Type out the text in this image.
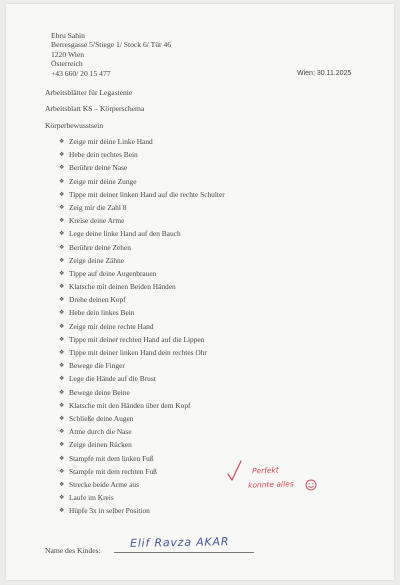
Ebru Sahin
Berresgasse 5/Stiege 1/ Stock 6/ Tür 46
1220 Wien
Österreich
+43 660/ 20 15 477	Wien; 30.11.2025
Arbeitsblätter für Legastenie
Arbeitsblatt KS – Körperschema
Körperbewusstsein
❖ Zeige mir deine Linke Hand
❖ Hebe dein rechtes Bein
❖ Berühre deine Nase
❖ Zeige mir deine Zunge
❖ Tippe mit deiner linken Hand auf die rechte Schulter
❖ Zeig mir die Zahl 8
❖ Kreise deine Arme
❖ Lege deine linke Hand auf den Bauch
❖ Berühre deine Zehen
❖ Zeige deine Zähne
❖ Tippe auf deine Augenbrauen
❖ Klatsche mit deinen Beiden Händen
❖ Drehe deinen Kopf
❖ Hebe dein linkes Bein
❖ Zeige mir deine rechte Hand
❖ Tippe mit deiner rechten Hand auf die Lippen
❖ Tippe mit deiner linken Hand dein rechtes Ohr
❖ Bewege die Finger
❖ Lege die Hände auf die Brust
❖ Bewege deine Beine
❖ Klatsche mit den Händen über dem Kopf
❖ Schließe deine Augen
❖ Atme durch die Nase
❖ Zeige deinen Rücken
❖ Stampfe mit dem linken Fuß
❖ Stampfe mit dem rechten Fuß
❖ Strecke beide Arme aus
❖ Laufe im Kreis
❖ Hüpfe 3x in selber Position
Perfekt
konnte alles
Name des Kindes:
Elif Ravza AKAR
